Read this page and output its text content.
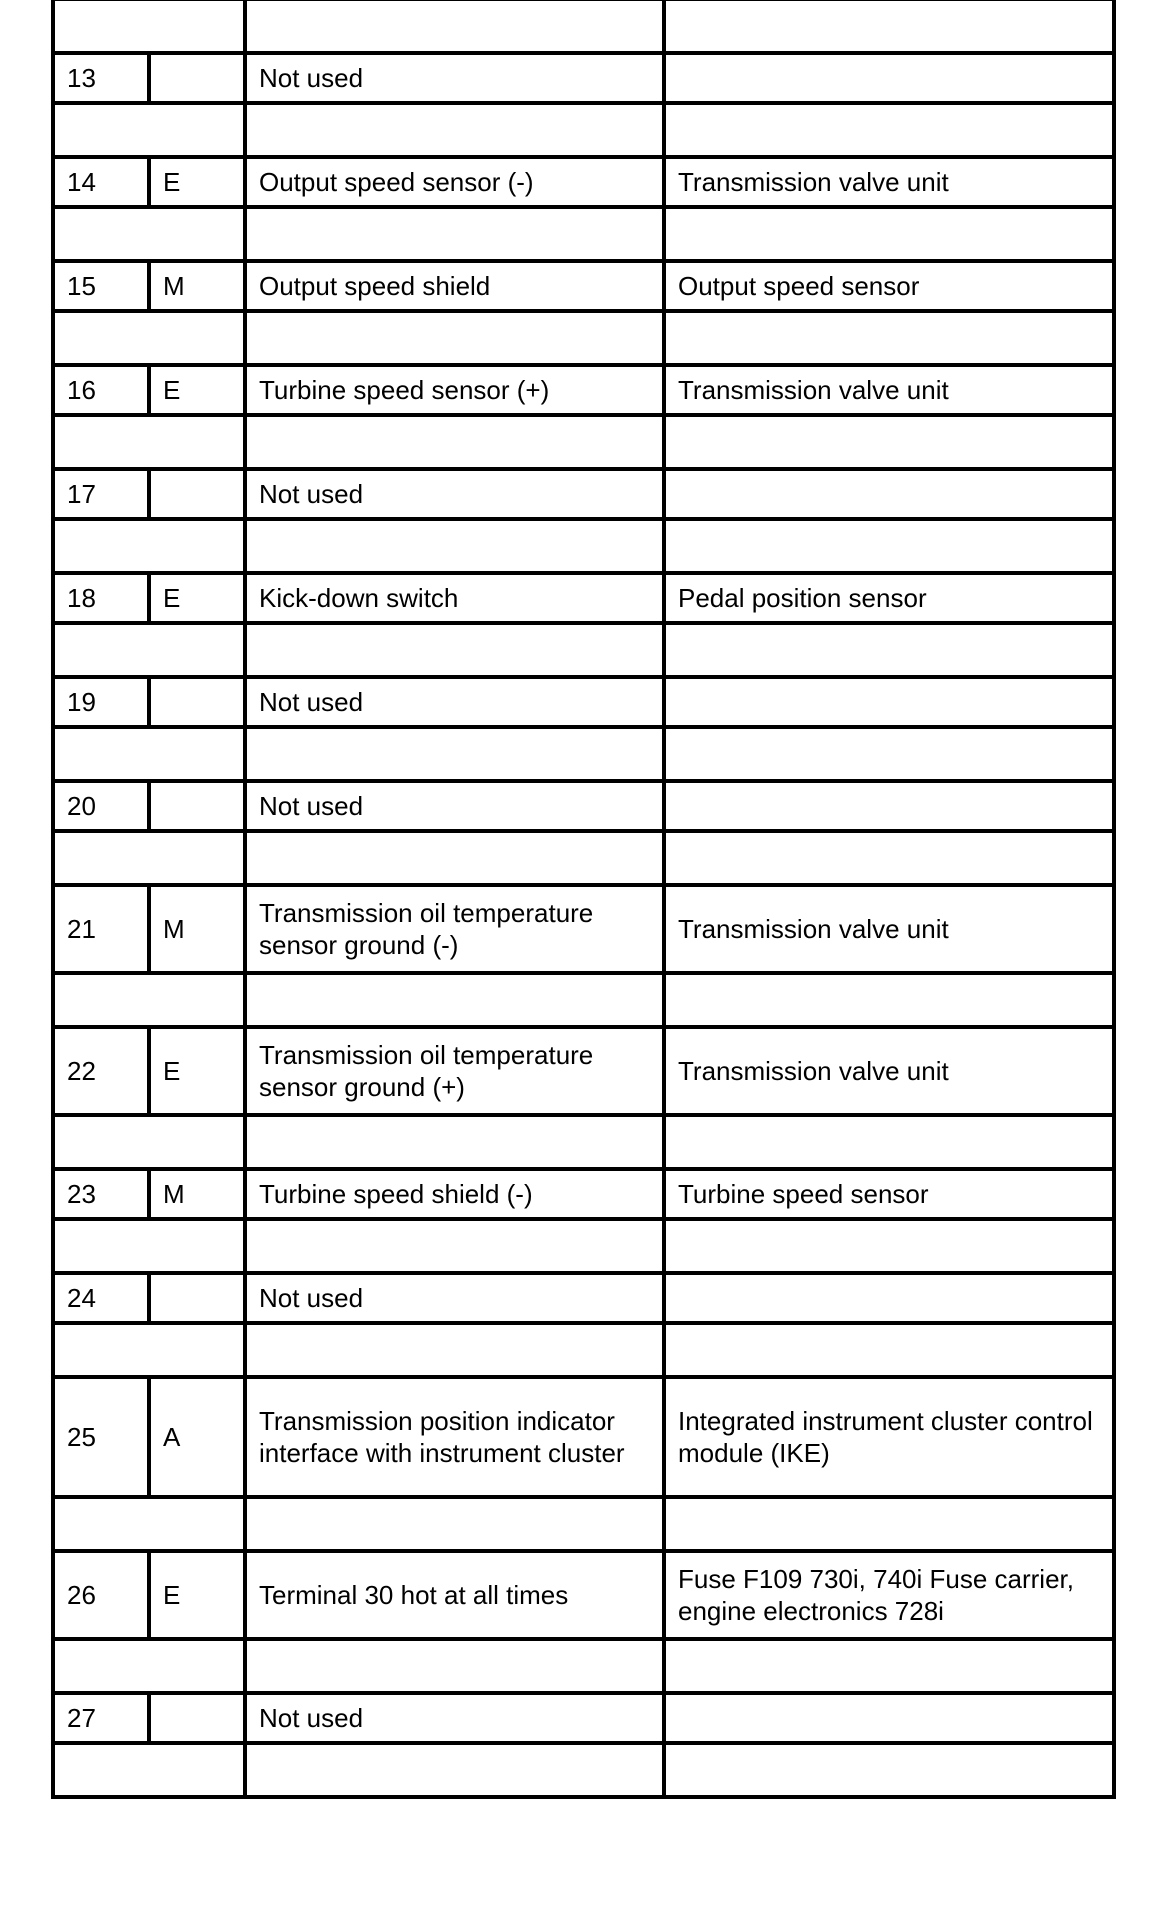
13		Not used	

14	E	Output speed sensor (-)	Transmission valve unit

15	M	Output speed shield	Output speed sensor

16	E	Turbine speed sensor (+)	Transmission valve unit

17		Not used	

18	E	Kick-down switch	Pedal position sensor

19		Not used	

20		Not used	

21	M	Transmission oil temperature sensor ground (-)	Transmission valve unit

22	E	Transmission oil temperature sensor ground (+)	Transmission valve unit

23	M	Turbine speed shield (-)	Turbine speed sensor

24		Not used	

25	A	Transmission position indicator interface with instrument cluster	Integrated instrument cluster control module (IKE)

26	E	Terminal 30 hot at all times	Fuse F109 730i, 740i Fuse carrier, engine electronics 728i

27		Not used	
